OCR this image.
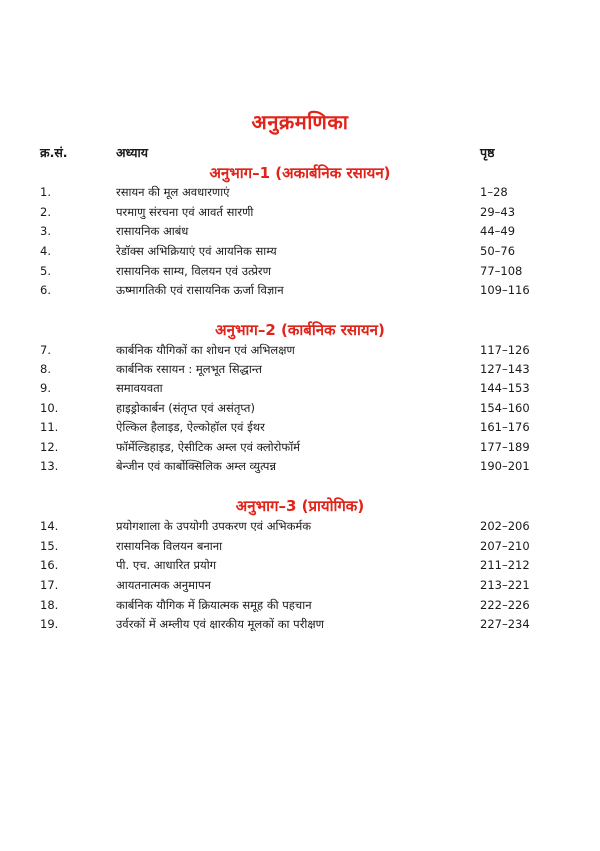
अनुक्रमणिका
क्र.सं.	अध्याय	पृष्ठ
अनुभाग–1 (अकार्बनिक रसायन)
1.	रसायन की मूल अवधारणाएं	1–28
2.	परमाणु संरचना एवं आवर्त सारणी	29–43
3.	रासायनिक आबंध	44–49
4.	रेडॉक्स अभिक्रियाएं एवं आयनिक साम्य	50–76
5.	रासायनिक साम्य, विलयन एवं उत्प्रेरण	77–108
6.	ऊष्मागतिकी एवं रासायनिक ऊर्जा विज्ञान	109–116
अनुभाग–2 (कार्बनिक रसायन)
7.	कार्बनिक यौगिकों का शोधन एवं अभिलक्षण	117–126
8.	कार्बनिक रसायन : मूलभूत सिद्धान्त	127–143
9.	समावयवता	144–153
10.	हाइड्रोकार्बन (संतृप्त एवं असंतृप्त)	154–160
11.	ऐल्किल हैलाइड, ऐल्कोहॉल एवं ईथर	161–176
12.	फॉर्मेल्डिहाइड, ऐसीटिक अम्ल एवं क्लोरोफॉर्म	177–189
13.	बेन्जीन एवं कार्बोक्सिलिक अम्ल व्युत्पन्न	190–201
अनुभाग–3 (प्रायोगिक)
14.	प्रयोगशाला के उपयोगी उपकरण एवं अभिकर्मक	202–206
15.	रासायनिक विलयन बनाना	207–210
16.	पी. एच. आधारित प्रयोग	211–212
17.	आयतनात्मक अनुमापन	213–221
18.	कार्बनिक यौगिक में क्रियात्मक समूह की पहचान	222–226
19.	उर्वरकों में अम्लीय एवं क्षारकीय मूलकों का परीक्षण	227–234
